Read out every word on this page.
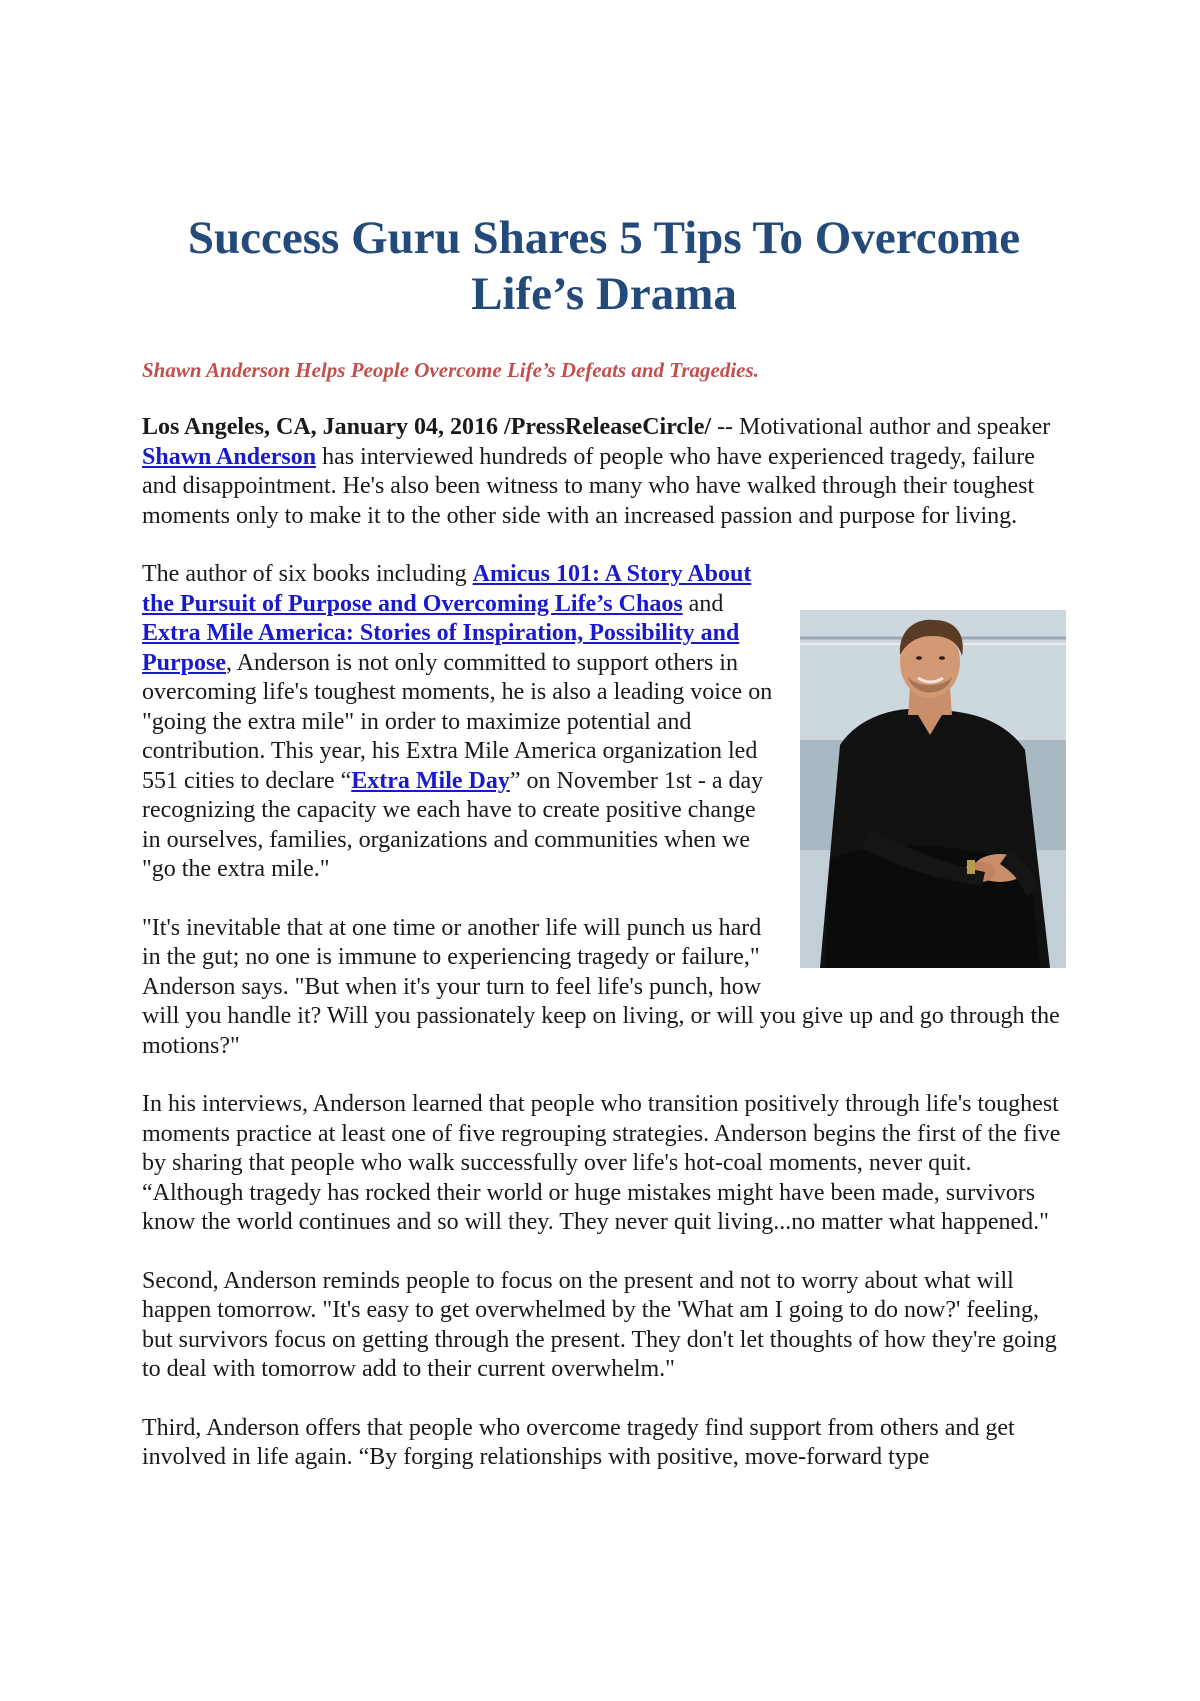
Success Guru Shares 5 Tips To Overcome Life’s Drama

Shawn Anderson Helps People Overcome Life’s Defeats and Tragedies.

Los Angeles, CA, January 04, 2016 /PressReleaseCircle/ -- Motivational author and speaker Shawn Anderson has interviewed hundreds of people who have experienced tragedy, failure and disappointment. He's also been witness to many who have walked through their toughest moments only to make it to the other side with an increased passion and purpose for living.

The author of six books including Amicus 101: A Story About the Pursuit of Purpose and Overcoming Life’s Chaos and Extra Mile America: Stories of Inspiration, Possibility and Purpose, Anderson is not only committed to support others in overcoming life's toughest moments, he is also a leading voice on "going the extra mile" in order to maximize potential and contribution. This year, his Extra Mile America organization led 551 cities to declare “Extra Mile Day” on November 1st - a day recognizing the capacity we each have to create positive change in ourselves, families, organizations and communities when we "go the extra mile."

"It's inevitable that at one time or another life will punch us hard in the gut; no one is immune to experiencing tragedy or failure," Anderson says. "But when it's your turn to feel life's punch, how will you handle it? Will you passionately keep on living, or will you give up and go through the motions?"

In his interviews, Anderson learned that people who transition positively through life's toughest moments practice at least one of five regrouping strategies. Anderson begins the first of the five by sharing that people who walk successfully over life's hot-coal moments, never quit. “Although tragedy has rocked their world or huge mistakes might have been made, survivors know the world continues and so will they. They never quit living...no matter what happened."

Second, Anderson reminds people to focus on the present and not to worry about what will happen tomorrow. "It's easy to get overwhelmed by the 'What am I going to do now?' feeling, but survivors focus on getting through the present. They don't let thoughts of how they're going to deal with tomorrow add to their current overwhelm."

Third, Anderson offers that people who overcome tragedy find support from others and get involved in life again. “By forging relationships with positive, move-forward type
